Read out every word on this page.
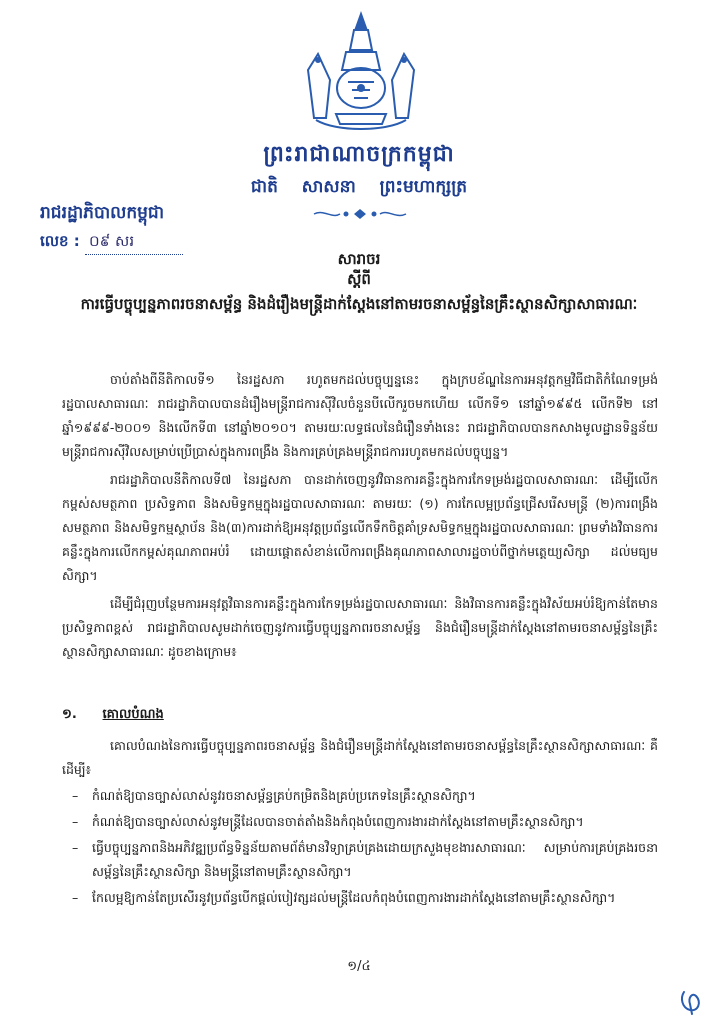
ព្រះរាជាណាចក្រកម្ពុជា
ជាតិ សាសនា ព្រះមហាក្សត្រ
រាជរដ្ឋាភិបាលកម្ពុជា
លេខ : ០៩ សរ
សារាចរ
ស្ដីពី
ការធ្វើបច្ចុប្បន្នភាពរចនាសម្ព័ន្ធ និងដំរឿងមន្ត្រីដាក់ស្ដែងនៅតាមរចនាសម្ព័ន្ធនៃគ្រឹះស្ថានសិក្សាសាធារណៈ

ចាប់តាំងពីនីតិកាលទី១ នៃរដ្ឋសភា រហូតមកដល់បច្ចុប្បន្ននេះ ក្នុងក្របខ័ណ្ឌនៃការអនុវត្តកម្មវិធីជាតិកំណែទម្រង់រដ្ឋបាលសាធារណៈ រាជរដ្ឋាភិបាលបានដំរឿងមន្ត្រីរាជការស៊ីវិលចំនួនបីលើករួចមកហើយ លើកទី១ នៅឆ្នាំ១៩៩៥ លើកទី២ នៅឆ្នាំ១៩៩៩-២០០១ និងលើកទី៣ នៅឆ្នាំ២០១០។ តាមរយៈលទ្ធផលនៃជំរឿនទាំងនេះ រាជរដ្ឋាភិបាលបានកសាងមូលដ្ឋានទិន្នន័យមន្ត្រីរាជការស៊ីវិលសម្រាប់ប្រើប្រាស់ក្នុងការពង្រឹង និងការគ្រប់គ្រងមន្ត្រីរាជការរហូតមកដល់បច្ចុប្បន្ន។

រាជរដ្ឋាភិបាលនីតិកាលទី៧ នៃរដ្ឋសភា បានដាក់ចេញនូវវិធានការគន្លឹះក្នុងការកែទម្រង់រដ្ឋបាលសាធារណៈ ដើម្បីលើកកម្ពស់សមត្ថភាព ប្រសិទ្ធភាព និងសមិទ្ធកម្មក្នុងរដ្ឋបាលសាធារណៈ តាមរយៈ (១) ការកែលម្អប្រព័ន្ធជ្រើសរើសមន្ត្រី (២)ការពង្រឹងសមត្ថភាព និងសមិទ្ធកម្មស្ថាប័ន និង(៣)ការដាក់ឱ្យអនុវត្តប្រព័ន្ធលើកទឹកចិត្តគាំទ្រសមិទ្ធកម្មក្នុងរដ្ឋបាលសាធារណៈ ព្រមទាំងវិធានការគន្លឹះក្នុងការលើកកម្ពស់គុណភាពអប់រំ ដោយផ្ដោតសំខាន់លើការពង្រឹងគុណភាពសាលារដ្ឋចាប់ពីថ្នាក់មត្តេយ្យសិក្សា ដល់មធ្យមសិក្សា។

ដើម្បីជំរុញបន្ថែមការអនុវត្តវិធានការគន្លឹះក្នុងការកែទម្រង់រដ្ឋបាលសាធារណៈ និងវិធានការគន្លឹះក្នុងវិស័យអប់រំឱ្យកាន់តែមានប្រសិទ្ធភាពខ្ពស់ រាជរដ្ឋាភិបាលសូមដាក់ចេញនូវការធ្វើបច្ចុប្បន្នភាពរចនាសម្ព័ន្ធ និងជំរឿនមន្ត្រីដាក់ស្ដែងនៅតាមរចនាសម្ព័ន្ធនៃគ្រឹះស្ថានសិក្សាសាធារណៈ ដូចខាងក្រោម៖

១. គោលបំណង

គោលបំណងនៃការធ្វើបច្ចុប្បន្នភាពរចនាសម្ព័ន្ធ និងជំរឿនមន្ត្រីដាក់ស្ដែងនៅតាមរចនាសម្ព័ន្ធនៃគ្រឹះស្ថានសិក្សាសាធារណៈ គឺដើម្បី៖

– កំណត់ឱ្យបានច្បាស់លាស់នូវរចនាសម្ព័ន្ធគ្រប់កម្រិតនិងគ្រប់ប្រភេទនៃគ្រឹះស្ថានសិក្សា។
– កំណត់ឱ្យបានច្បាស់លាស់នូវមន្ត្រីដែលបានចាត់តាំងនិងកំពុងបំពេញការងារដាក់ស្ដែងនៅតាមគ្រឹះស្ថានសិក្សា។
– ធ្វើបច្ចុប្បន្នភាពនិងអភិវឌ្ឍប្រព័ន្ធទិន្នន័យតាមព័ត៌មានវិទ្យាគ្រប់គ្រងដោយក្រសួងមុខងារសាធារណៈ សម្រាប់ការគ្រប់គ្រងរចនាសម្ព័ន្ធនៃគ្រឹះស្ថានសិក្សា និងមន្ត្រីនៅតាមគ្រឹះស្ថានសិក្សា។
– កែលម្អឱ្យកាន់តែប្រសើរនូវប្រព័ន្ធបើកផ្ដល់បៀវត្សដល់មន្ត្រីដែលកំពុងបំពេញការងារដាក់ស្ដែងនៅតាមគ្រឹះស្ថានសិក្សា។
១/៤
